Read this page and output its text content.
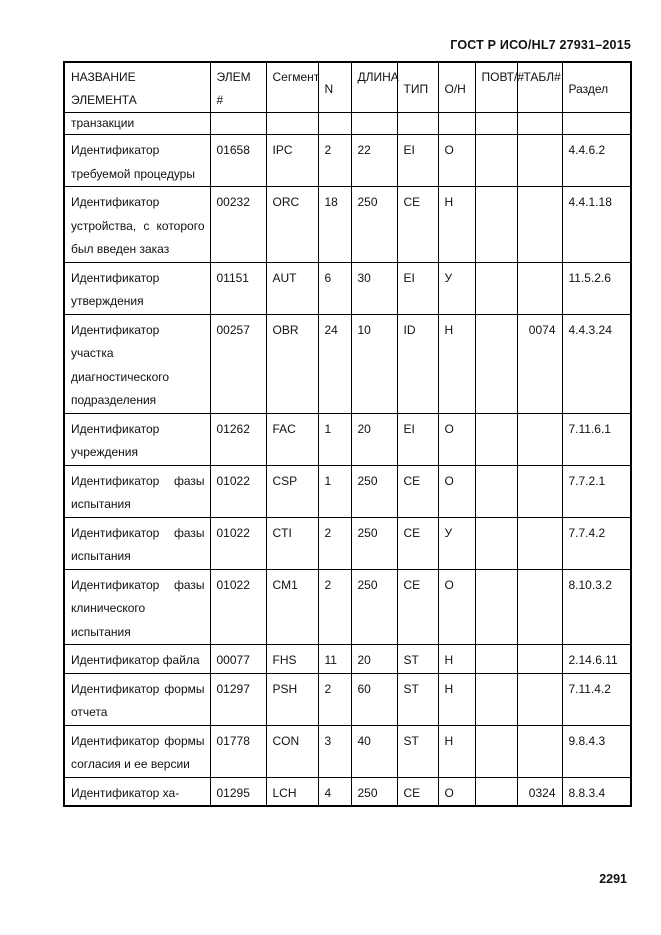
ГОСТ Р ИСО/HL7 27931–2015
НАЗВАНИЕ ЭЛЕМЕНТА	ЭЛЕМ #	Сегмент	N	ДЛИНА	ТИП	О/Н	ПОВТ/#	ТАБЛ#	Раздел
транзакции									
Идентификатор требуемой процедуры	01658	IPC	2	22	EI	О			4.4.6.2
Идентификатор устройства, с которого был введен заказ	00232	ORC	18	250	CE	Н			4.4.1.18
Идентификатор утверждения	01151	AUT	6	30	EI	У			11.5.2.6
Идентификатор участка диагностического подразделения	00257	OBR	24	10	ID	Н		0074	4.4.3.24
Идентификатор учреждения	01262	FAC	1	20	EI	О			7.11.6.1
Идентификатор фазы испытания	01022	CSP	1	250	CE	О			7.7.2.1
Идентификатор фазы испытания	01022	CTI	2	250	CE	У			7.7.4.2
Идентификатор фазы клинического испытания	01022	CM1	2	250	CE	О			8.10.3.2
Идентификатор файла	00077	FHS	11	20	ST	Н			2.14.6.11
Идентификатор формы отчета	01297	PSH	2	60	ST	Н			7.11.4.2
Идентификатор формы согласия и ее версии	01778	CON	3	40	ST	Н			9.8.4.3
Идентификатор ха-	01295	LCH	4	250	CE	О		0324	8.8.3.4
2291
